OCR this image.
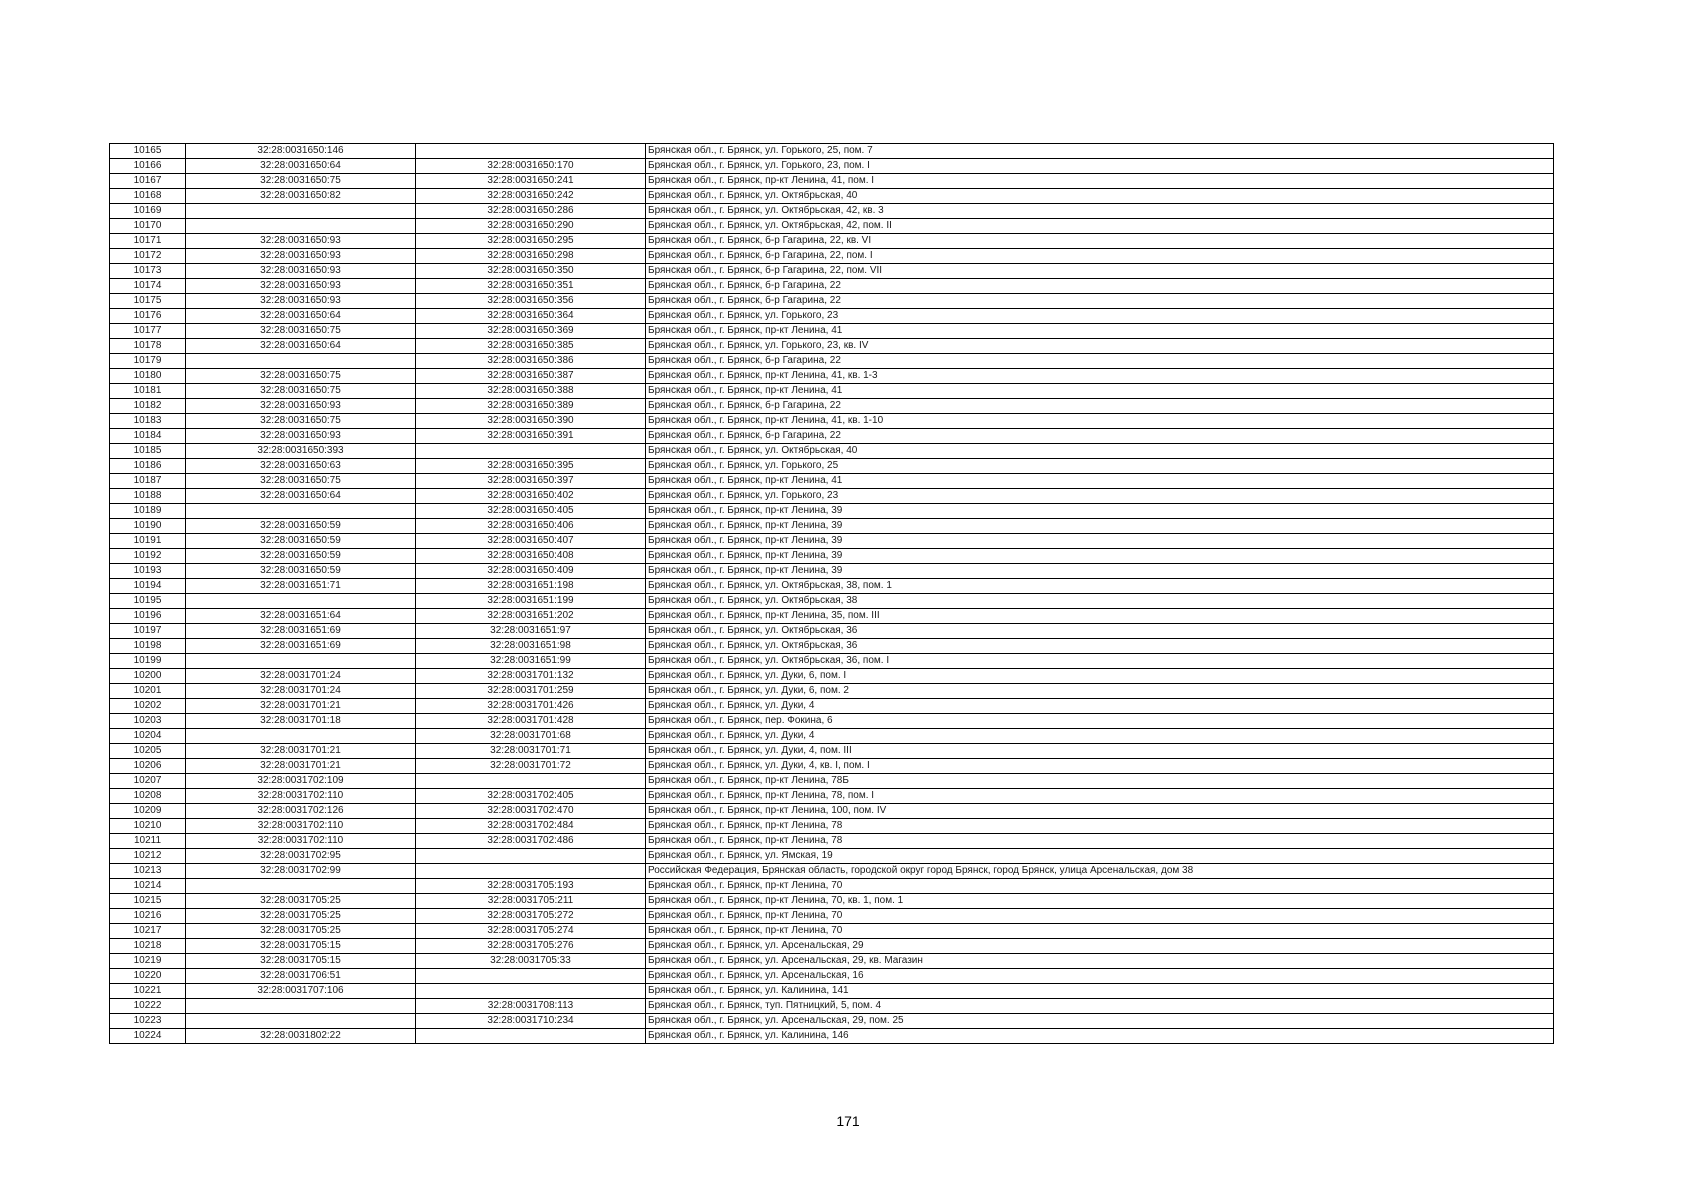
10165	32:28:0031650:146		Брянская обл., г. Брянск, ул. Горького, 25, пом. 7
10166	32:28:0031650:64	32:28:0031650:170	Брянская обл., г. Брянск, ул. Горького, 23, пом. I
10167	32:28:0031650:75	32:28:0031650:241	Брянская обл., г. Брянск, пр-кт Ленина, 41, пом. I
10168	32:28:0031650:82	32:28:0031650:242	Брянская обл., г. Брянск, ул. Октябрьская, 40
10169		32:28:0031650:286	Брянская обл., г. Брянск, ул. Октябрьская, 42, кв. 3
10170		32:28:0031650:290	Брянская обл., г. Брянск, ул. Октябрьская, 42, пом. II
10171	32:28:0031650:93	32:28:0031650:295	Брянская обл., г. Брянск, б-р Гагарина, 22, кв. VI
10172	32:28:0031650:93	32:28:0031650:298	Брянская обл., г. Брянск, б-р Гагарина, 22, пом. I
10173	32:28:0031650:93	32:28:0031650:350	Брянская обл., г. Брянск, б-р Гагарина, 22, пом. VII
10174	32:28:0031650:93	32:28:0031650:351	Брянская обл., г. Брянск, б-р Гагарина, 22
10175	32:28:0031650:93	32:28:0031650:356	Брянская обл., г. Брянск, б-р Гагарина, 22
10176	32:28:0031650:64	32:28:0031650:364	Брянская обл., г. Брянск, ул. Горького, 23
10177	32:28:0031650:75	32:28:0031650:369	Брянская обл., г. Брянск, пр-кт Ленина, 41
10178	32:28:0031650:64	32:28:0031650:385	Брянская обл., г. Брянск, ул. Горького, 23, кв. IV
10179		32:28:0031650:386	Брянская обл., г. Брянск, б-р Гагарина, 22
10180	32:28:0031650:75	32:28:0031650:387	Брянская обл., г. Брянск, пр-кт Ленина, 41, кв. 1-3
10181	32:28:0031650:75	32:28:0031650:388	Брянская обл., г. Брянск, пр-кт Ленина, 41
10182	32:28:0031650:93	32:28:0031650:389	Брянская обл., г. Брянск, б-р Гагарина, 22
10183	32:28:0031650:75	32:28:0031650:390	Брянская обл., г. Брянск, пр-кт Ленина, 41, кв. 1-10
10184	32:28:0031650:93	32:28:0031650:391	Брянская обл., г. Брянск, б-р Гагарина, 22
10185	32:28:0031650:393		Брянская обл., г. Брянск, ул. Октябрьская, 40
10186	32:28:0031650:63	32:28:0031650:395	Брянская обл., г. Брянск, ул. Горького, 25
10187	32:28:0031650:75	32:28:0031650:397	Брянская обл., г. Брянск, пр-кт Ленина, 41
10188	32:28:0031650:64	32:28:0031650:402	Брянская обл., г. Брянск, ул. Горького, 23
10189		32:28:0031650:405	Брянская обл., г. Брянск, пр-кт Ленина, 39
10190	32:28:0031650:59	32:28:0031650:406	Брянская обл., г. Брянск, пр-кт Ленина, 39
10191	32:28:0031650:59	32:28:0031650:407	Брянская обл., г. Брянск, пр-кт Ленина, 39
10192	32:28:0031650:59	32:28:0031650:408	Брянская обл., г. Брянск, пр-кт Ленина, 39
10193	32:28:0031650:59	32:28:0031650:409	Брянская обл., г. Брянск, пр-кт Ленина, 39
10194	32:28:0031651:71	32:28:0031651:198	Брянская обл., г. Брянск, ул. Октябрьская, 38, пом. 1
10195		32:28:0031651:199	Брянская обл., г. Брянск, ул. Октябрьская, 38
10196	32:28:0031651:64	32:28:0031651:202	Брянская обл., г. Брянск, пр-кт Ленина, 35, пом. III
10197	32:28:0031651:69	32:28:0031651:97	Брянская обл., г. Брянск, ул. Октябрьская, 36
10198	32:28:0031651:69	32:28:0031651:98	Брянская обл., г. Брянск, ул. Октябрьская, 36
10199		32:28:0031651:99	Брянская обл., г. Брянск, ул. Октябрьская, 36, пом. I
10200	32:28:0031701:24	32:28:0031701:132	Брянская обл., г. Брянск, ул. Дуки, 6, пом. I
10201	32:28:0031701:24	32:28:0031701:259	Брянская обл., г. Брянск, ул. Дуки, 6, пом. 2
10202	32:28:0031701:21	32:28:0031701:426	Брянская обл., г. Брянск, ул. Дуки, 4
10203	32:28:0031701:18	32:28:0031701:428	Брянская обл., г. Брянск, пер. Фокина, 6
10204		32:28:0031701:68	Брянская обл., г. Брянск, ул. Дуки, 4
10205	32:28:0031701:21	32:28:0031701:71	Брянская обл., г. Брянск, ул. Дуки, 4, пом. III
10206	32:28:0031701:21	32:28:0031701:72	Брянская обл., г. Брянск, ул. Дуки, 4, кв. I, пом. I
10207	32:28:0031702:109		Брянская обл., г. Брянск, пр-кт Ленина, 78Б
10208	32:28:0031702:110	32:28:0031702:405	Брянская обл., г. Брянск, пр-кт Ленина, 78, пом. I
10209	32:28:0031702:126	32:28:0031702:470	Брянская обл., г. Брянск, пр-кт Ленина, 100, пом. IV
10210	32:28:0031702:110	32:28:0031702:484	Брянская обл., г. Брянск, пр-кт Ленина, 78
10211	32:28:0031702:110	32:28:0031702:486	Брянская обл., г. Брянск, пр-кт Ленина, 78
10212	32:28:0031702:95		Брянская обл., г. Брянск, ул. Ямская, 19
10213	32:28:0031702:99		Российская Федерация, Брянская область, городской округ город Брянск, город Брянск, улица Арсенальская, дом 38
10214		32:28:0031705:193	Брянская обл., г. Брянск, пр-кт Ленина, 70
10215	32:28:0031705:25	32:28:0031705:211	Брянская обл., г. Брянск, пр-кт Ленина, 70, кв. 1, пом. 1
10216	32:28:0031705:25	32:28:0031705:272	Брянская обл., г. Брянск, пр-кт Ленина, 70
10217	32:28:0031705:25	32:28:0031705:274	Брянская обл., г. Брянск, пр-кт Ленина, 70
10218	32:28:0031705:15	32:28:0031705:276	Брянская обл., г. Брянск, ул. Арсенальская, 29
10219	32:28:0031705:15	32:28:0031705:33	Брянская обл., г. Брянск, ул. Арсенальская, 29, кв. Магазин
10220	32:28:0031706:51		Брянская обл., г. Брянск, ул. Арсенальская, 16
10221	32:28:0031707:106		Брянская обл., г. Брянск, ул. Калинина, 141
10222		32:28:0031708:113	Брянская обл., г. Брянск, туп. Пятницкий, 5, пом. 4
10223		32:28:0031710:234	Брянская обл., г. Брянск, ул. Арсенальская, 29, пом. 25
10224	32:28:0031802:22		Брянская обл., г. Брянск, ул. Калинина, 146
171
